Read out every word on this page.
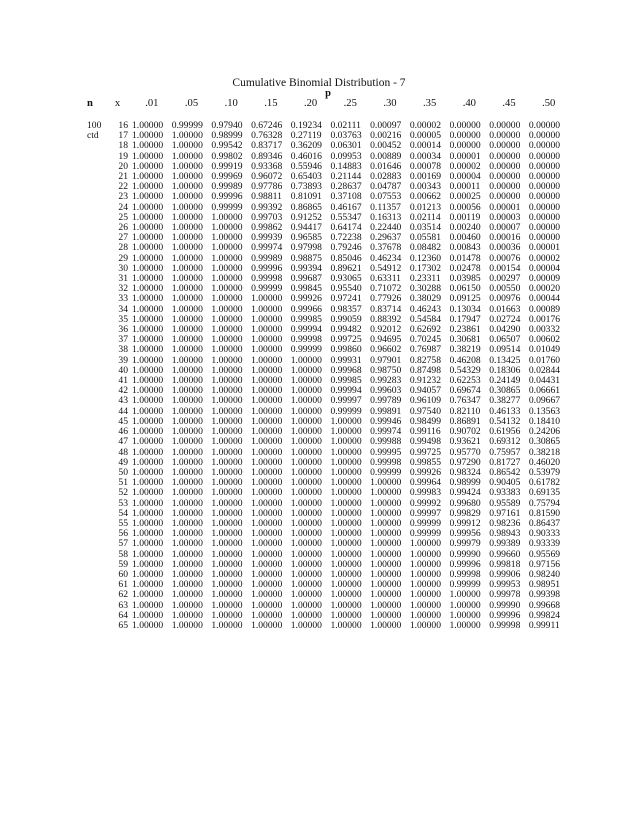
Cumulative Binomial Distribution - 7
p
n	x	.01	.05	.10	.15	.20	.25	.30	.35	.40	.45	.50

100	16	1.00000	0.99999	0.97940	0.67246	0.19234	0.02111	0.00097	0.00002	0.00000	0.00000	0.00000
ctd	17	1.00000	1.00000	0.98999	0.76328	0.27119	0.03763	0.00216	0.00005	0.00000	0.00000	0.00000
	18	1.00000	1.00000	0.99542	0.83717	0.36209	0.06301	0.00452	0.00014	0.00000	0.00000	0.00000
	19	1.00000	1.00000	0.99802	0.89346	0.46016	0.09953	0.00889	0.00034	0.00001	0.00000	0.00000
	20	1.00000	1.00000	0.99919	0.93368	0.55946	0.14883	0.01646	0.00078	0.00002	0.00000	0.00000
	21	1.00000	1.00000	0.99969	0.96072	0.65403	0.21144	0.02883	0.00169	0.00004	0.00000	0.00000
	22	1.00000	1.00000	0.99989	0.97786	0.73893	0.28637	0.04787	0.00343	0.00011	0.00000	0.00000
	23	1.00000	1.00000	0.99996	0.98811	0.81091	0.37108	0.07553	0.00662	0.00025	0.00000	0.00000
	24	1.00000	1.00000	0.99999	0.99392	0.86865	0.46167	0.11357	0.01213	0.00056	0.00001	0.00000
	25	1.00000	1.00000	1.00000	0.99703	0.91252	0.55347	0.16313	0.02114	0.00119	0.00003	0.00000
	26	1.00000	1.00000	1.00000	0.99862	0.94417	0.64174	0.22440	0.03514	0.00240	0.00007	0.00000
	27	1.00000	1.00000	1.00000	0.99939	0.96585	0.72238	0.29637	0.05581	0.00460	0.00016	0.00000
	28	1.00000	1.00000	1.00000	0.99974	0.97998	0.79246	0.37678	0.08482	0.00843	0.00036	0.00001
	29	1.00000	1.00000	1.00000	0.99989	0.98875	0.85046	0.46234	0.12360	0.01478	0.00076	0.00002
	30	1.00000	1.00000	1.00000	0.99996	0.99394	0.89621	0.54912	0.17302	0.02478	0.00154	0.00004
	31	1.00000	1.00000	1.00000	0.99998	0.99687	0.93065	0.63311	0.23311	0.03985	0.00297	0.00009
	32	1.00000	1.00000	1.00000	0.99999	0.99845	0.95540	0.71072	0.30288	0.06150	0.00550	0.00020
	33	1.00000	1.00000	1.00000	1.00000	0.99926	0.97241	0.77926	0.38029	0.09125	0.00976	0.00044
	34	1.00000	1.00000	1.00000	1.00000	0.99966	0.98357	0.83714	0.46243	0.13034	0.01663	0.00089
	35	1.00000	1.00000	1.00000	1.00000	0.99985	0.99059	0.88392	0.54584	0.17947	0.02724	0.00176
	36	1.00000	1.00000	1.00000	1.00000	0.99994	0.99482	0.92012	0.62692	0.23861	0.04290	0.00332
	37	1.00000	1.00000	1.00000	1.00000	0.99998	0.99725	0.94695	0.70245	0.30681	0.06507	0.00602
	38	1.00000	1.00000	1.00000	1.00000	0.99999	0.99860	0.96602	0.76987	0.38219	0.09514	0.01049
	39	1.00000	1.00000	1.00000	1.00000	1.00000	0.99931	0.97901	0.82758	0.46208	0.13425	0.01760
	40	1.00000	1.00000	1.00000	1.00000	1.00000	0.99968	0.98750	0.87498	0.54329	0.18306	0.02844
	41	1.00000	1.00000	1.00000	1.00000	1.00000	0.99985	0.99283	0.91232	0.62253	0.24149	0.04431
	42	1.00000	1.00000	1.00000	1.00000	1.00000	0.99994	0.99603	0.94057	0.69674	0.30865	0.06661
	43	1.00000	1.00000	1.00000	1.00000	1.00000	0.99997	0.99789	0.96109	0.76347	0.38277	0.09667
	44	1.00000	1.00000	1.00000	1.00000	1.00000	0.99999	0.99891	0.97540	0.82110	0.46133	0.13563
	45	1.00000	1.00000	1.00000	1.00000	1.00000	1.00000	0.99946	0.98499	0.86891	0.54132	0.18410
	46	1.00000	1.00000	1.00000	1.00000	1.00000	1.00000	0.99974	0.99116	0.90702	0.61956	0.24206
	47	1.00000	1.00000	1.00000	1.00000	1.00000	1.00000	0.99988	0.99498	0.93621	0.69312	0.30865
	48	1.00000	1.00000	1.00000	1.00000	1.00000	1.00000	0.99995	0.99725	0.95770	0.75957	0.38218
	49	1.00000	1.00000	1.00000	1.00000	1.00000	1.00000	0.99998	0.99855	0.97290	0.81727	0.46020
	50	1.00000	1.00000	1.00000	1.00000	1.00000	1.00000	0.99999	0.99926	0.98324	0.86542	0.53979
	51	1.00000	1.00000	1.00000	1.00000	1.00000	1.00000	1.00000	0.99964	0.98999	0.90405	0.61782
	52	1.00000	1.00000	1.00000	1.00000	1.00000	1.00000	1.00000	0.99983	0.99424	0.93383	0.69135
	53	1.00000	1.00000	1.00000	1.00000	1.00000	1.00000	1.00000	0.99992	0.99680	0.95589	0.75794
	54	1.00000	1.00000	1.00000	1.00000	1.00000	1.00000	1.00000	0.99997	0.99829	0.97161	0.81590
	55	1.00000	1.00000	1.00000	1.00000	1.00000	1.00000	1.00000	0.99999	0.99912	0.98236	0.86437
	56	1.00000	1.00000	1.00000	1.00000	1.00000	1.00000	1.00000	0.99999	0.99956	0.98943	0.90333
	57	1.00000	1.00000	1.00000	1.00000	1.00000	1.00000	1.00000	1.00000	0.99979	0.99389	0.93339
	58	1.00000	1.00000	1.00000	1.00000	1.00000	1.00000	1.00000	1.00000	0.99990	0.99660	0.95569
	59	1.00000	1.00000	1.00000	1.00000	1.00000	1.00000	1.00000	1.00000	0.99996	0.99818	0.97156
	60	1.00000	1.00000	1.00000	1.00000	1.00000	1.00000	1.00000	1.00000	0.99998	0.99906	0.98240
	61	1.00000	1.00000	1.00000	1.00000	1.00000	1.00000	1.00000	1.00000	0.99999	0.99953	0.98951
	62	1.00000	1.00000	1.00000	1.00000	1.00000	1.00000	1.00000	1.00000	1.00000	0.99978	0.99398
	63	1.00000	1.00000	1.00000	1.00000	1.00000	1.00000	1.00000	1.00000	1.00000	0.99990	0.99668
	64	1.00000	1.00000	1.00000	1.00000	1.00000	1.00000	1.00000	1.00000	1.00000	0.99996	0.99824
	65	1.00000	1.00000	1.00000	1.00000	1.00000	1.00000	1.00000	1.00000	1.00000	0.99998	0.99911
